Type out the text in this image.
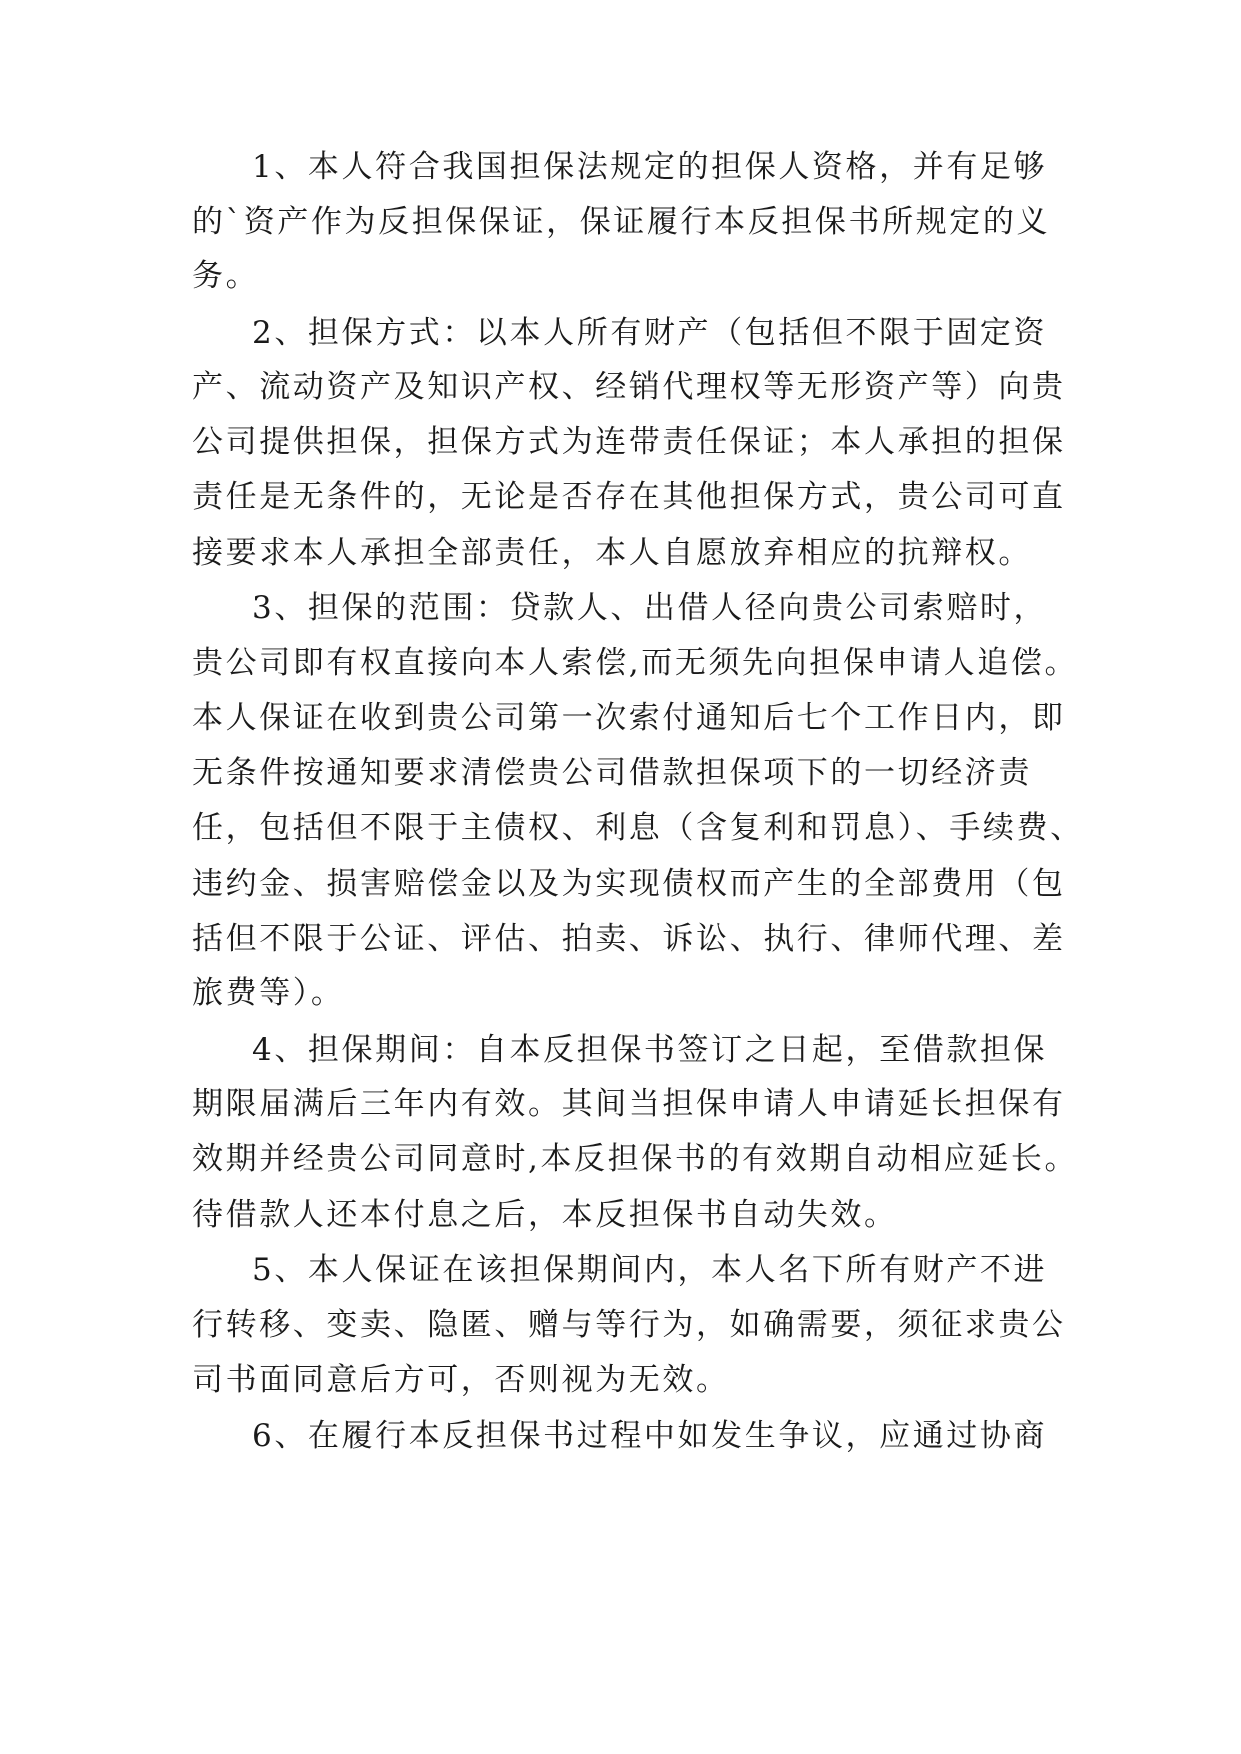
1、本人符合我国担保法规定的担保人资格，并有足够
的`资产作为反担保保证，保证履行本反担保书所规定的义
务。
2、担保方式：以本人所有财产（包括但不限于固定资
产、流动资产及知识产权、经销代理权等无形资产等）向贵
公司提供担保，担保方式为连带责任保证；本人承担的担保
责任是无条件的，无论是否存在其他担保方式，贵公司可直
接要求本人承担全部责任，本人自愿放弃相应的抗辩权。
3、担保的范围：贷款人、出借人径向贵公司索赔时，
贵公司即有权直接向本人索偿,而无须先向担保申请人追偿。
本人保证在收到贵公司第一次索付通知后七个工作日内，即
无条件按通知要求清偿贵公司借款担保项下的一切经济责
任，包括但不限于主债权、利息（含复利和罚息）、手续费、
违约金、损害赔偿金以及为实现债权而产生的全部费用（包
括但不限于公证、评估、拍卖、诉讼、执行、律师代理、差
旅费等）。
4、担保期间：自本反担保书签订之日起，至借款担保
期限届满后三年内有效。其间当担保申请人申请延长担保有
效期并经贵公司同意时,本反担保书的有效期自动相应延长。
待借款人还本付息之后，本反担保书自动失效。
5、本人保证在该担保期间内，本人名下所有财产不进
行转移、变卖、隐匿、赠与等行为，如确需要，须征求贵公
司书面同意后方可，否则视为无效。
6、在履行本反担保书过程中如发生争议，应通过协商
